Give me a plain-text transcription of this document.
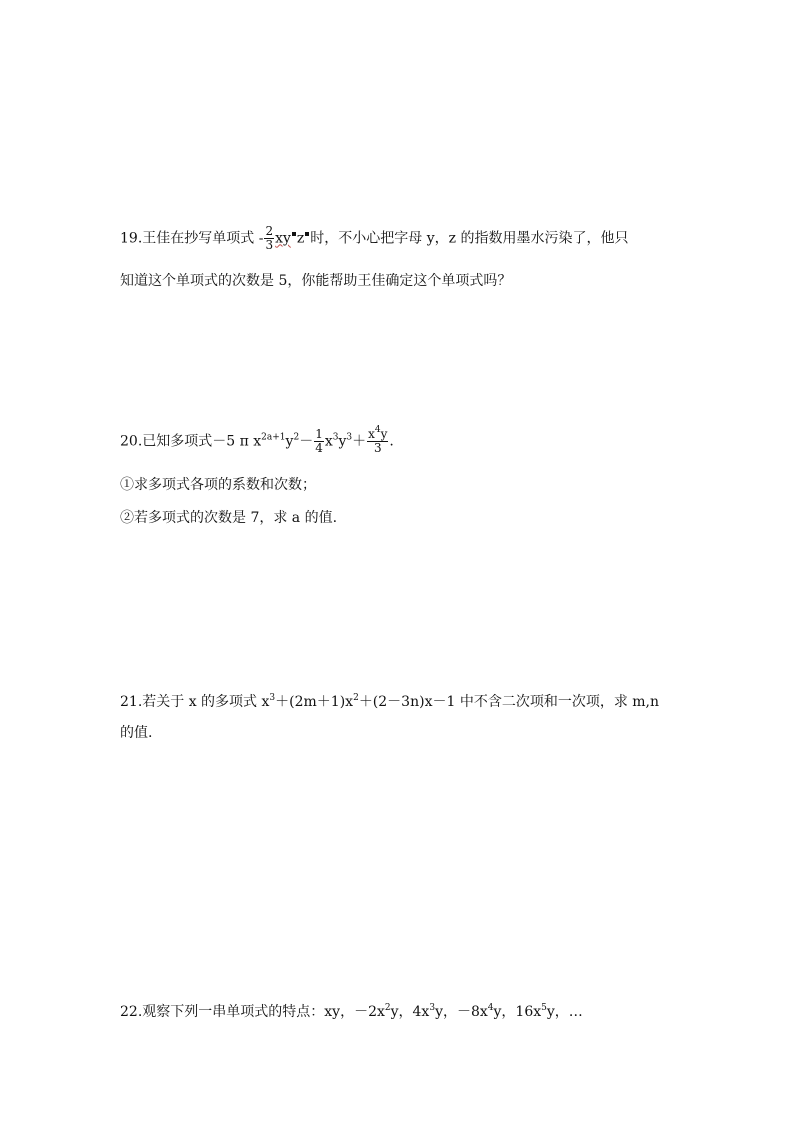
19.王佳在抄写单项式 - $\frac{2}{3}$ xy z 时，不小心把字母 y，z 的指数用墨水污染了，他只
知道这个单项式的次数是 5，你能帮助王佳确定这个单项式吗？
20.已知多项式－5 π $x^{2a+1}y^2- \frac{1}{4} x^3y^3+ \frac{x^4y}{3}$ .
①求多项式各项的系数和次数；
②若多项式的次数是 7，求 a 的值.
21.若关于 x 的多项式 $x^3+(2m+1)x^2+(2-3n)x-1$ 中不含二次项和一次项，求 m,n
的值.
22.观察下列一串单项式的特点：xy，$-2x^2y$，$4x^3y$，$-8x^4y$，$16x^5y$，…
